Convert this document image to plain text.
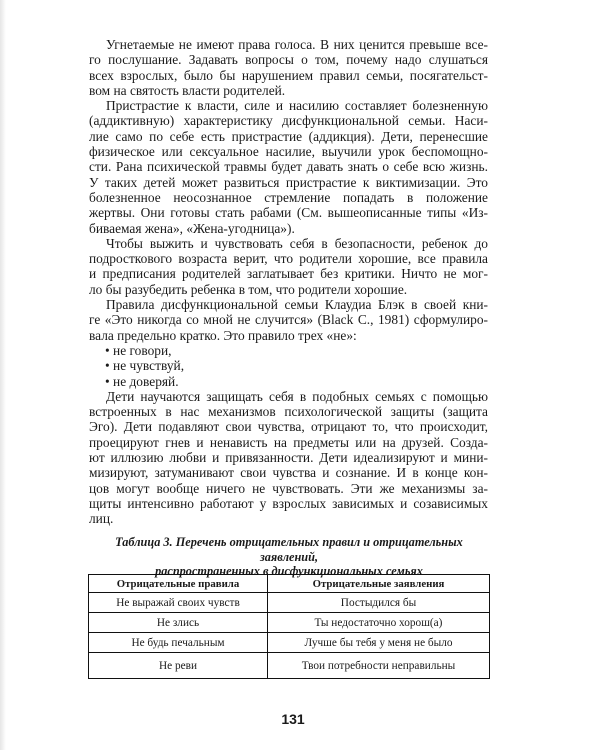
Угнетаемые не имеют права голоса. В них ценится превыше все-
го послушание. Задавать вопросы о том, почему надо слушаться
всех взрослых, было бы нарушением правил семьи, посягательст-
вом на святость власти родителей.
Пристрастие к власти, силе и насилию составляет болезненную
(аддиктивную) характеристику дисфункциональной семьи. Наси-
лие само по себе есть пристрастие (аддикция). Дети, перенесшие
физическое или сексуальное насилие, выучили урок беспомощно-
сти. Рана психической травмы будет давать знать о себе всю жизнь.
У таких детей может развиться пристрастие к виктимизации. Это
болезненное неосознанное стремление попадать в положение
жертвы. Они готовы стать рабами (См. вышеописанные типы «Из-
биваемая жена», «Жена-угодница»).
Чтобы выжить и чувствовать себя в безопасности, ребенок до
подросткового возраста верит, что родители хорошие, все правила
и предписания родителей заглатывает без критики. Ничто не мог-
ло бы разубедить ребенка в том, что родители хорошие.
Правила дисфункциональной семьи Клаудиа Блэк в своей кни-
ге «Это никогда со мной не случится» (Black C., 1981) сформулиро-
вала предельно кратко. Это правило трех «не»:
• не говори,
• не чувствуй,
• не доверяй.
Дети научаются защищать себя в подобных семьях с помощью
встроенных в нас механизмов психологической защиты (защита
Эго). Дети подавляют свои чувства, отрицают то, что происходит,
проецируют гнев и ненависть на предметы или на друзей. Созда-
ют иллюзию любви и привязанности. Дети идеализируют и мини-
мизируют, затуманивают свои чувства и сознание. И в конце кон-
цов могут вообще ничего не чувствовать. Эти же механизмы за-
щиты интенсивно работают у взрослых зависимых и созависимых
лиц.
Таблица 3. Перечень отрицательных правил и отрицательных заявлений,
распространенных в дисфункциональных семьях
Отрицательные правила	Отрицательные заявления
Не выражай своих чувств	Постыдился бы
Не злись	Ты недостаточно хорош(а)
Не будь печальным	Лучше бы тебя у меня не было
Не реви	Твои потребности неправильны
131
